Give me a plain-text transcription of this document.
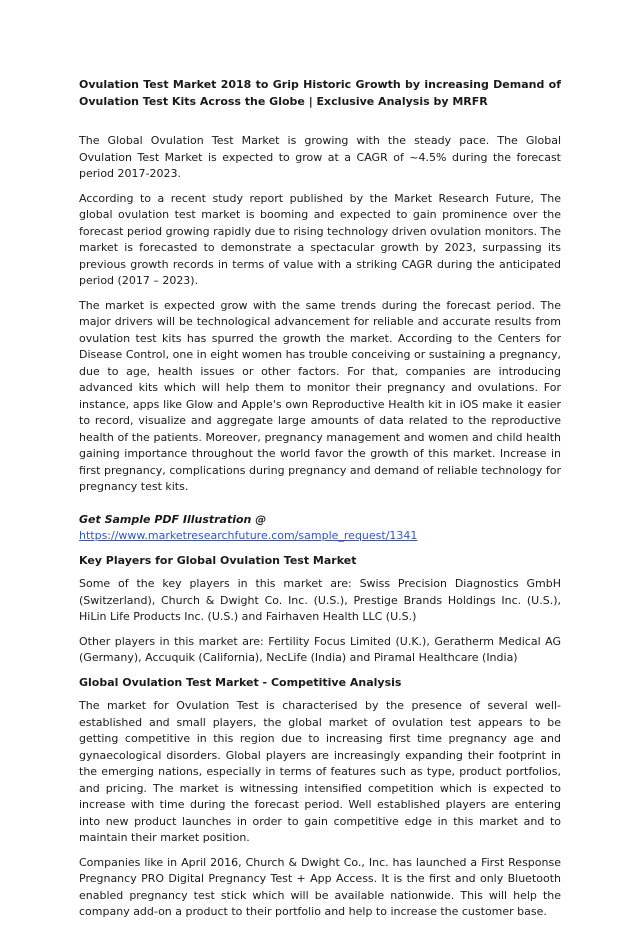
Ovulation Test Market 2018 to Grip Historic Growth by increasing Demand of Ovulation Test Kits Across the Globe | Exclusive Analysis by MRFR

The Global Ovulation Test Market is growing with the steady pace. The Global Ovulation Test Market is expected to grow at a CAGR of ~4.5% during the forecast period 2017-2023.

According to a recent study report published by the Market Research Future, The global ovulation test market is booming and expected to gain prominence over the forecast period growing rapidly due to rising technology driven ovulation monitors. The market is forecasted to demonstrate a spectacular growth by 2023, surpassing its previous growth records in terms of value with a striking CAGR during the anticipated period (2017 – 2023).

The market is expected grow with the same trends during the forecast period. The major drivers will be technological advancement for reliable and accurate results from ovulation test kits has spurred the growth the market. According to the Centers for Disease Control, one in eight women has trouble conceiving or sustaining a pregnancy, due to age, health issues or other factors. For that, companies are introducing advanced kits which will help them to monitor their pregnancy and ovulations. For instance, apps like Glow and Apple's own Reproductive Health kit in iOS make it easier to record, visualize and aggregate large amounts of data related to the reproductive health of the patients. Moreover, pregnancy management and women and child health gaining importance throughout the world favor the growth of this market. Increase in first pregnancy, complications during pregnancy and demand of reliable technology for pregnancy test kits.

Get Sample PDF Illustration @
https://www.marketresearchfuture.com/sample_request/1341
Key Players for Global Ovulation Test Market

Some of the key players in this market are: Swiss Precision Diagnostics GmbH (Switzerland), Church & Dwight Co. Inc. (U.S.), Prestige Brands Holdings Inc. (U.S.), HiLin Life Products Inc. (U.S.) and Fairhaven Health LLC (U.S.)

Other players in this market are: Fertility Focus Limited (U.K.), Geratherm Medical AG (Germany), Accuquik (California), NecLife (India) and Piramal Healthcare (India)

Global Ovulation Test Market - Competitive Analysis

The market for Ovulation Test is characterised by the presence of several well-established and small players, the global market of ovulation test appears to be getting competitive in this region due to increasing first time pregnancy age and gynaecological disorders. Global players are increasingly expanding their footprint in the emerging nations, especially in terms of features such as type, product portfolios, and pricing. The market is witnessing intensified competition which is expected to increase with time during the forecast period. Well established players are entering into new product launches in order to gain competitive edge in this market and to maintain their market position.

Companies like in April 2016, Church & Dwight Co., Inc. has launched a First Response Pregnancy PRO Digital Pregnancy Test + App Access. It is the first and only Bluetooth enabled pregnancy test stick which will be available nationwide. This will help the company add-on a product to their portfolio and help to increase the customer base.
